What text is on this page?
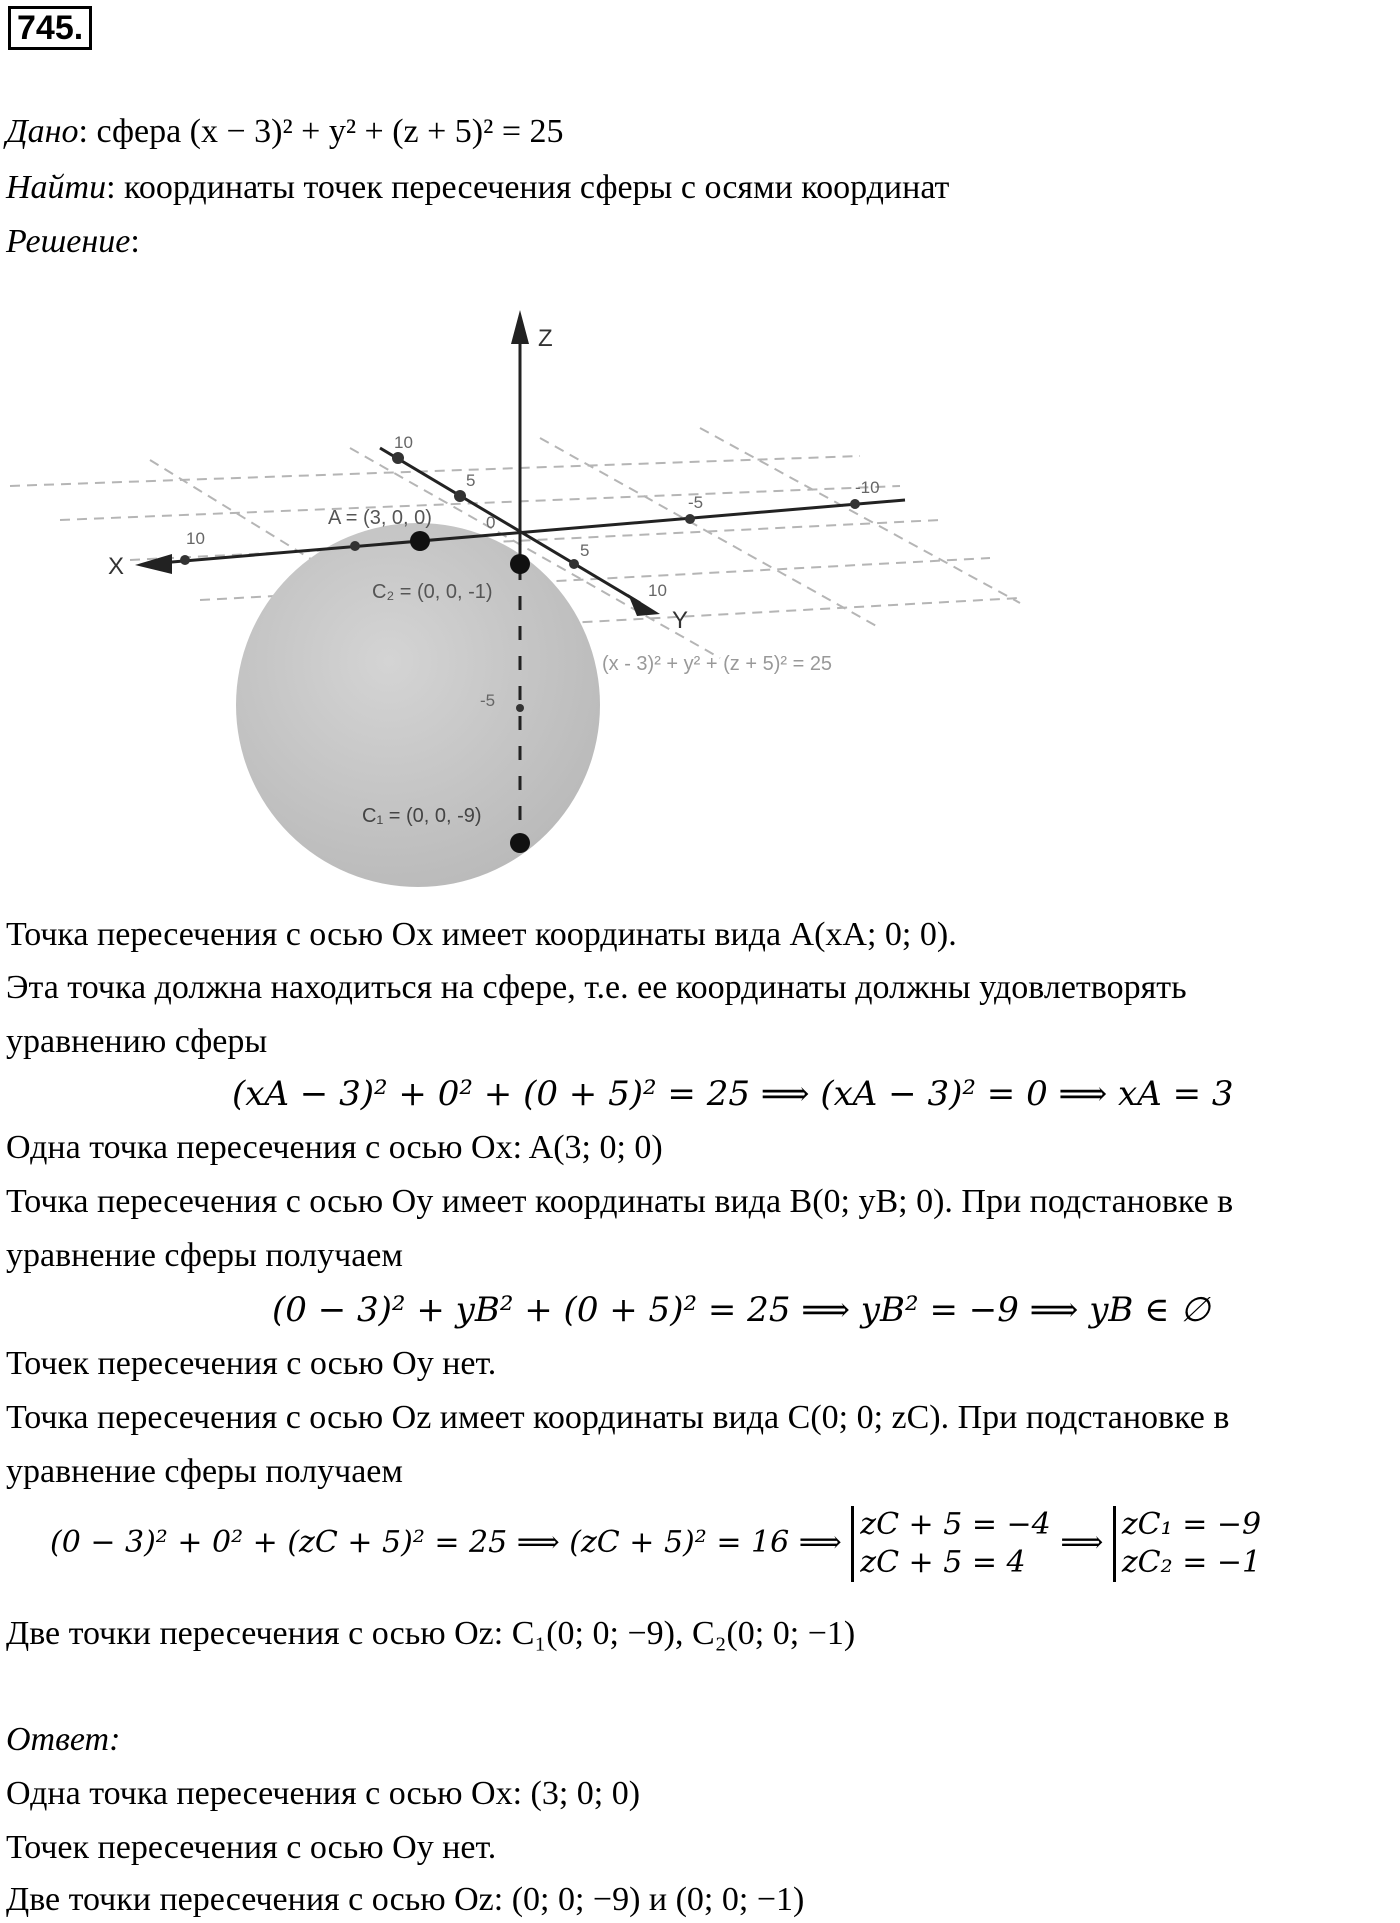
745.
Дано: сфера (x − 3)² + y² + (z + 5)² = 25
Найти: координаты точек пересечения сферы с осями координат
Решение:
Z
X
Y
10
10
5
-5
-10
10
5
-5
0
A = (3, 0, 0)
C₂ = (0, 0, -1)
C₁ = (0, 0, -9)
(x - 3)² + y² + (z + 5)² = 25
Точка пересечения с осью Ox имеет координаты вида A(xA; 0; 0).
Эта точка должна находиться на сфере, т.е. ее координаты должны удовлетворять
уравнению сферы
(xA − 3)² + 0² + (0 + 5)² = 25 ⟹ (xA − 3)² = 0 ⟹ xA = 3
Одна точка пересечения с осью Ox: A(3; 0; 0)
Точка пересечения с осью Oy имеет координаты вида B(0; yB; 0). При подстановке в
уравнение сферы получаем
(0 − 3)² + yB² + (0 + 5)² = 25 ⟹ yB² = −9 ⟹ yB ∈ ∅
Точек пересечения с осью Oy нет.
Точка пересечения с осью Oz имеет координаты вида C(0; 0; zC). При подстановке в
уравнение сферы получаем
(0 − 3)² + 0² + (zC + 5)² = 25 ⟹ (zC + 5)² = 16 ⟹
zC + 5 = −4
zC + 5 = 4
⟹
zC₁ = −9
zC₂ = −1
Две точки пересечения с осью Oz: C₁(0; 0; −9), C₂(0; 0; −1)
Ответ:
Одна точка пересечения с осью Ox: (3; 0; 0)
Точек пересечения с осью Oy нет.
Две точки пересечения с осью Oz: (0; 0; −9) и (0; 0; −1)
